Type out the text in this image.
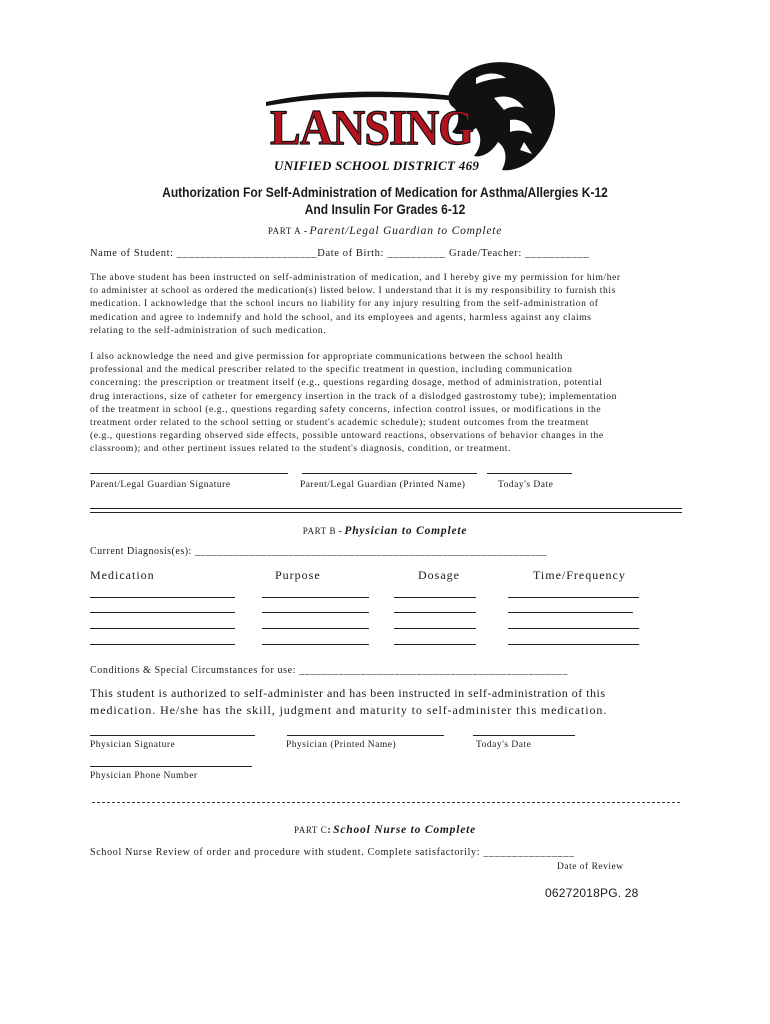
LANSING
UNIFIED SCHOOL DISTRICT 469
Authorization For Self-Administration of Medication for Asthma/Allergies K-12
And Insulin For Grades 6-12
PART A - Parent/Legal Guardian to Complete
Name of Student: ________________________Date of Birth: __________ Grade/Teacher: ___________
The above student has been instructed on self-administration of medication, and I hereby give my permission for him/her
to administer at school as ordered the medication(s) listed below. I understand that it is my responsibility to furnish this
medication. I acknowledge that the school incurs no liability for any injury resulting from the self-administration of
medication and agree to indemnify and hold the school, and its employees and agents, harmless against any claims
relating to the self-administration of such medication.
I also acknowledge the need and give permission for appropriate communications between the school health
professional and the medical prescriber related to the specific treatment in question, including communication
concerning: the prescription or treatment itself (e.g., questions regarding dosage, method of administration, potential
drug interactions, size of catheter for emergency insertion in the track of a dislodged gastrostomy tube); implementation
of the treatment in school (e.g., questions regarding safety concerns, infection control issues, or modifications in the
treatment order related to the school setting or student's academic schedule); student outcomes from the treatment
(e.g., questions regarding observed side effects, possible untoward reactions, observations of behavior changes in the
classroom); and other pertinent issues related to the student's diagnosis, condition, or treatment.
Parent/Legal Guardian Signature	Parent/Legal Guardian (Printed Name)	Today's Date
PART B - Physician to Complete
Current Diagnosis(es): ________________________________________________________________
Medication	Purpose	Dosage	Time/Frequency
Conditions & Special Circumstances for use: ________________________________________________
This student is authorized to self-administer and has been instructed in self-administration of this
medication. He/she has the skill, judgment and maturity to self-administer this medication.
Physician Signature	Physician (Printed Name)	Today's Date
Physician Phone Number
PART C: School Nurse to Complete
School Nurse Review of order and procedure with student. Complete satisfactorily: ________________
Date of Review
06272018PG. 28
